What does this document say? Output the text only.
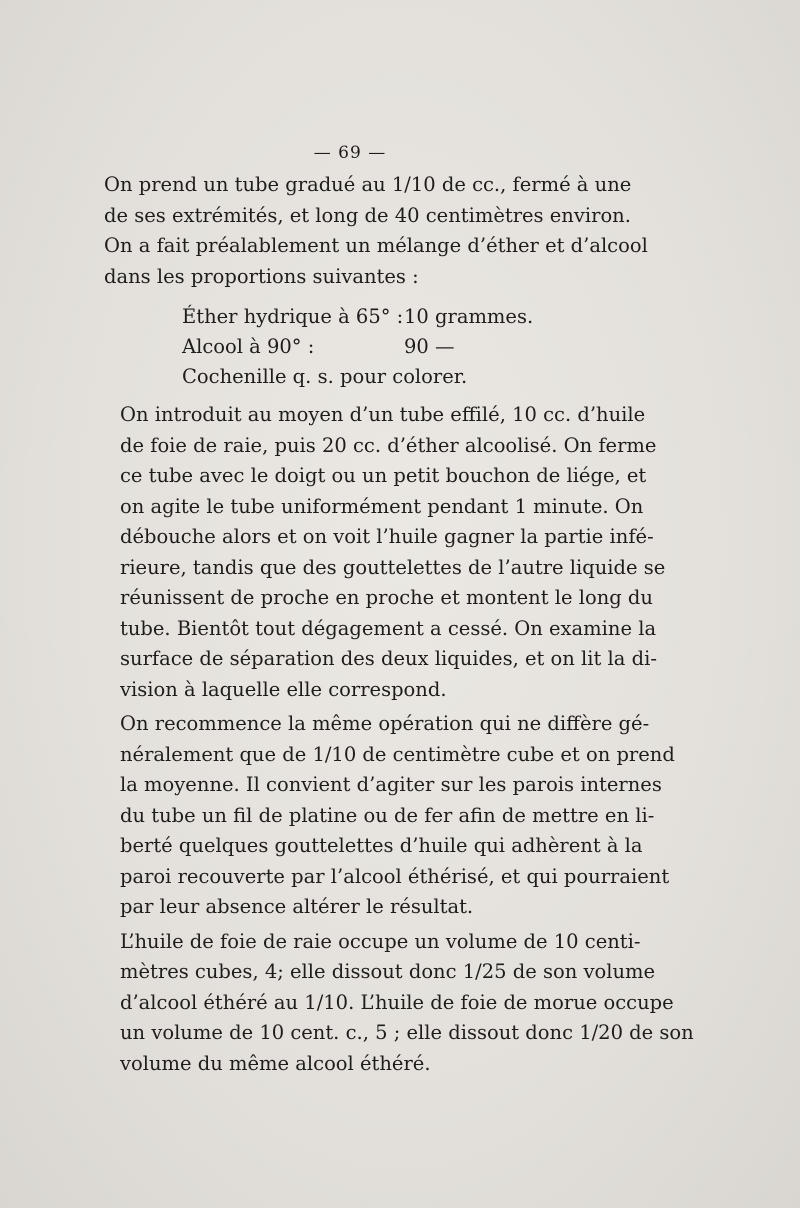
— 69 —

On prend un tube gradué au 1/10 de cc., fermé à une
de ses extrémités, et long de 40 centimètres environ.
On a fait préalablement un mélange d’éther et d’alcool
dans les proportions suivantes :

Éther hydrique à 65° : 10 grammes.
Alcool à 90° :	90 —
Cochenille q. s. pour colorer.

On introduit au moyen d’un tube effilé, 10 cc. d’huile
de foie de raie, puis 20 cc. d’éther alcoolisé. On ferme
ce tube avec le doigt ou un petit bouchon de liége, et
on agite le tube uniformément pendant 1 minute. On
débouche alors et on voit l’huile gagner la partie infé-
rieure, tandis que des gouttelettes de l’autre liquide se
réunissent de proche en proche et montent le long du
tube. Bientôt tout dégagement a cessé. On examine la
surface de séparation des deux liquides, et on lit la di-
vision à laquelle elle correspond.

On recommence la même opération qui ne diffère gé-
néralement que de 1/10 de centimètre cube et on prend
la moyenne. Il convient d’agiter sur les parois internes
du tube un fil de platine ou de fer afin de mettre en li-
berté quelques gouttelettes d’huile qui adhèrent à la
paroi recouverte par l’alcool éthérisé, et qui pourraient
par leur absence altérer le résultat.

L’huile de foie de raie occupe un volume de 10 centi-
mètres cubes, 4; elle dissout donc 1/25 de son volume
d’alcool éthéré au 1/10. L’huile de foie de morue occupe
un volume de 10 cent. c., 5 ; elle dissout donc 1/20 de son
volume du même alcool éthéré.
